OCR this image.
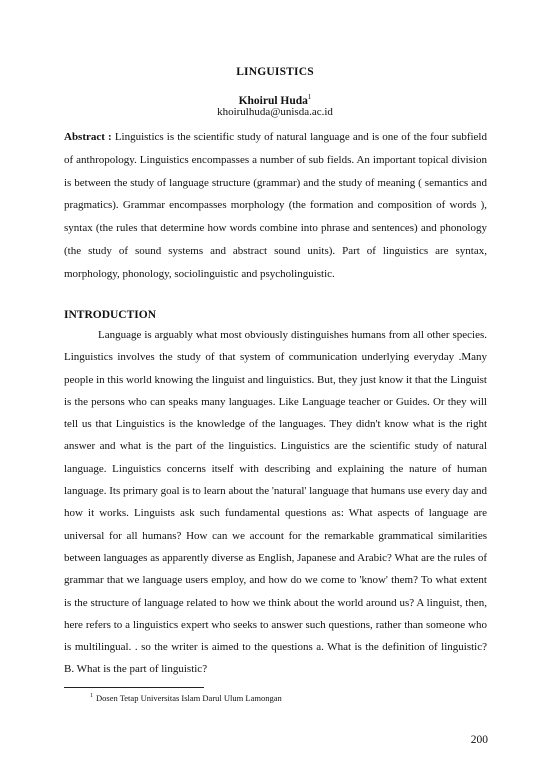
LINGUISTICS
Khoirul Huda$^1$
khoirulhuda@unisda.ac.id
Abstract : Linguistics is the scientific study of natural language and is one of the four subfield of anthropology. Linguistics encompasses a number of sub fields. An important topical division is between the study of language structure (grammar) and the study of meaning ( semantics and pragmatics). Grammar encompasses morphology (the formation and composition of words ), syntax (the rules that determine how words combine into phrase and sentences) and phonology (the study of sound systems and abstract sound units). Part of linguistics are syntax, morphology, phonology, sociolinguistic and psycholinguistic.
INTRODUCTION
Language is arguably what most obviously distinguishes humans from all other species. Linguistics involves the study of that system of communication underlying everyday .Many people in this world knowing the linguist and linguistics. But, they just know it that the Linguist is the persons who can speaks many languages. Like Language teacher or Guides. Or they will tell us that Linguistics is the knowledge of the languages. They didn't know what is the right answer and what is the part of the linguistics. Linguistics are the scientific study of natural language. Linguistics concerns itself with describing and explaining the nature of human language. Its primary goal is to learn about the 'natural' language that humans use every day and how it works. Linguists ask such fundamental questions as: What aspects of language are universal for all humans? How can we account for the remarkable grammatical similarities between languages as apparently diverse as English, Japanese and Arabic? What are the rules of grammar that we language users employ, and how do we come to 'know' them? To what extent is the structure of language related to how we think about the world around us? A linguist, then, here refers to a linguistics expert who seeks to answer such questions, rather than someone who is multilingual. . so the writer is aimed to the questions a. What is the definition of linguistic? B. What is the part of linguistic?
$^1$ Dosen Tetap Universitas Islam Darul Ulum Lamongan
200
